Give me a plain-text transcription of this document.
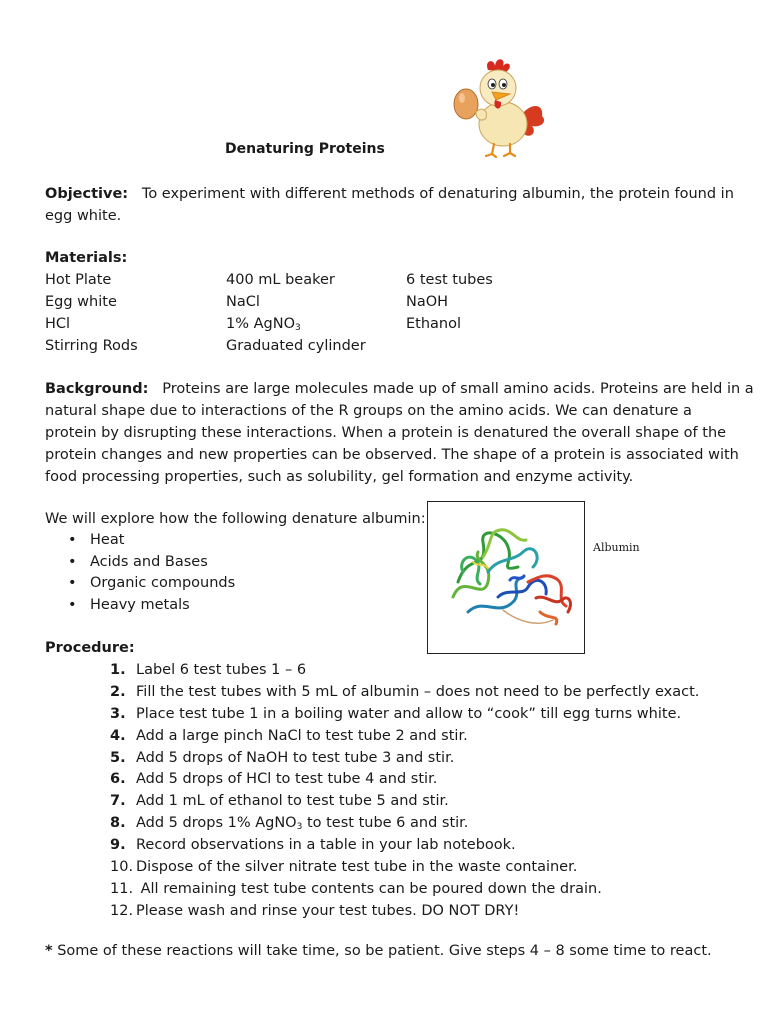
Denaturing Proteins
Objective: To experiment with different methods of denaturing albumin, the protein found in
egg white.
Materials:
Hot Plate	400 mL beaker	6 test tubes
Egg white	NaCl	NaOH
HCl	1% AgNO$_3$	Ethanol
Stirring Rods	Graduated cylinder
Background: Proteins are large molecules made up of small amino acids. Proteins are held in a
natural shape due to interactions of the R groups on the amino acids. We can denature a
protein by disrupting these interactions. When a protein is denatured the overall shape of the
protein changes and new properties can be observed. The shape of a protein is associated with
food processing properties, such as solubility, gel formation and enzyme activity.
We will explore how the following denature albumin:
• Heat
• Acids and Bases
• Organic compounds
• Heavy metals
Albumin
Procedure:
1. Label 6 test tubes 1 – 6
2. Fill the test tubes with 5 mL of albumin – does not need to be perfectly exact.
3. Place test tube 1 in a boiling water and allow to “cook” till egg turns white.
4. Add a large pinch NaCl to test tube 2 and stir.
5. Add 5 drops of NaOH to test tube 3 and stir.
6. Add 5 drops of HCl to test tube 4 and stir.
7. Add 1 mL of ethanol to test tube 5 and stir.
8. Add 5 drops 1% AgNO$_3$ to test tube 6 and stir.
9. Record observations in a table in your lab notebook.
10. Dispose of the silver nitrate test tube in the waste container.
11. All remaining test tube contents can be poured down the drain.
12. Please wash and rinse your test tubes. DO NOT DRY!
* Some of these reactions will take time, so be patient. Give steps 4 – 8 some time to react.
